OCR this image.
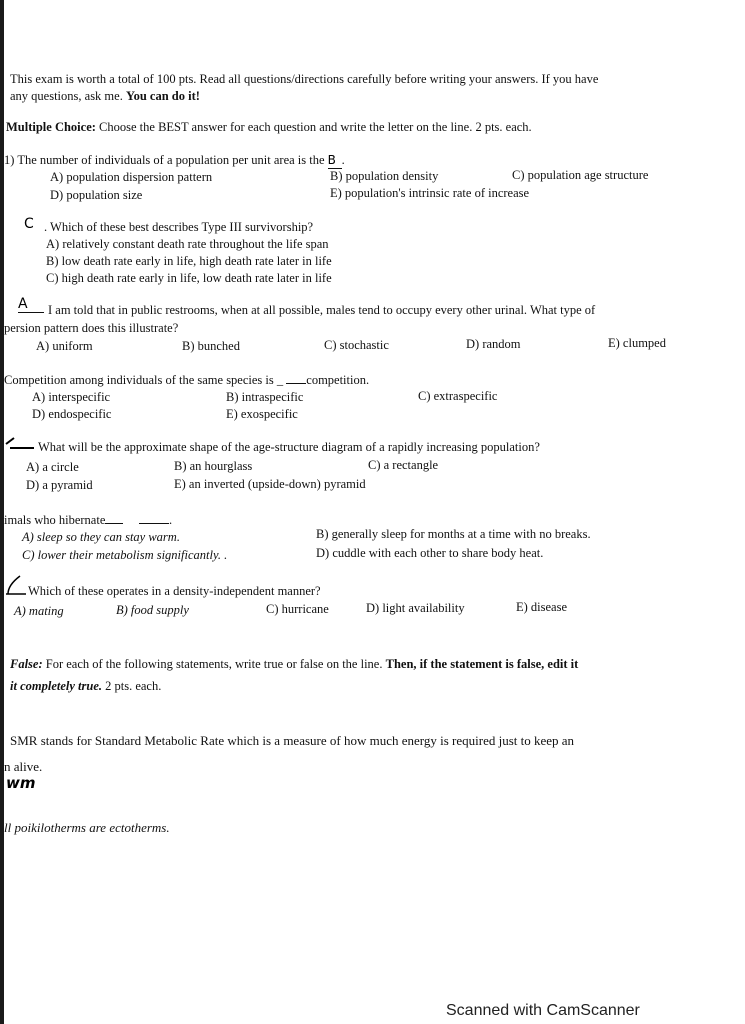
This exam is worth a total of 100 pts. Read all questions/directions carefully before writing your answers. If you have
any questions, ask me. You can do it!
Multiple Choice: Choose the BEST answer for each question and write the letter on the line. 2 pts. each.
1) The number of individuals of a population per unit area is the B .
A) population dispersion pattern	B) population density	C) population age structure
D) population size	E) population's intrinsic rate of increase
C . Which of these best describes Type III survivorship?
A) relatively constant death rate throughout the life span
B) low death rate early in life, high death rate later in life
C) high death rate early in life, low death rate later in life
A	I am told that in public restrooms, when at all possible, males tend to occupy every other urinal. What type of
persion pattern does this illustrate?
A) uniform	B) bunched	C) stochastic	D) random	E) clumped
Competition among individuals of the same species is _ competition.
A) interspecific	B) intraspecific	C) extraspecific
D) endospecific	E) exospecific
What will be the approximate shape of the age-structure diagram of a rapidly increasing population?
A) a circle	B) an hourglass	C) a rectangle
D) a pyramid	E) an inverted (upside-down) pyramid
imals who hibernate	.
A) sleep so they can stay warm.	B) generally sleep for months at a time with no breaks.
C) lower their metabolism significantly. .	D) cuddle with each other to share body heat.
Which of these operates in a density-independent manner?
A) mating	B) food supply	C) hurricane	D) light availability	E) disease
False: For each of the following statements, write true or false on the line. Then, if the statement is false, edit it
it completely true. 2 pts. each.
SMR stands for Standard Metabolic Rate which is a measure of how much energy is required just to keep an
n alive.
wm
ll poikilotherms are ectotherms.
Scanned with CamScanner
